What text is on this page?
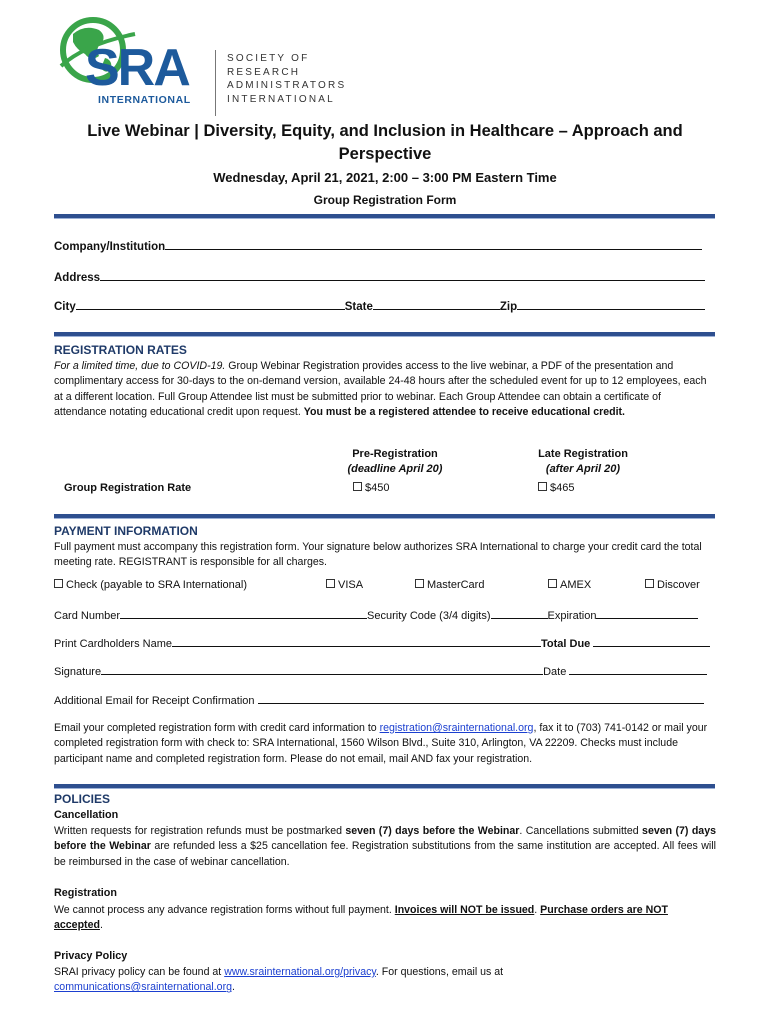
SRA
INTERNATIONAL
SOCIETY OF
RESEARCH
ADMINISTRATORS
INTERNATIONAL
Live Webinar | Diversity, Equity, and Inclusion in Healthcare – Approach and Perspective
Wednesday, April 21, 2021, 2:00 – 3:00 PM Eastern Time
Group Registration Form
Company/Institution
Address
City	State	Zip
REGISTRATION RATES
For a limited time, due to COVID-19. Group Webinar Registration provides access to the live webinar, a PDF of the presentation and complimentary access for 30-days to the on-demand version, available 24-48 hours after the scheduled event for up to 12 employees, each at a different location. Full Group Attendee list must be submitted prior to webinar. Each Group Attendee can obtain a certificate of attendance notating educational credit upon request. You must be a registered attendee to receive educational credit.
Pre-Registration
(deadline April 20)
Late Registration
(after April 20)
Group Registration Rate	$450	$465
PAYMENT INFORMATION
Full payment must accompany this registration form. Your signature below authorizes SRA International to charge your credit card the total meeting rate. REGISTRANT is responsible for all charges.
Check (payable to SRA International)	VISA	MasterCard	AMEX	Discover
Card Number	Security Code (3/4 digits)	Expiration
Print Cardholders Name	Total Due
Signature	Date
Additional Email for Receipt Confirmation
Email your completed registration form with credit card information to registration@srainternational.org, fax it to (703) 741-0142 or mail your completed registration form with check to: SRA International, 1560 Wilson Blvd., Suite 310, Arlington, VA 22209. Checks must include participant name and completed registration form. Please do not email, mail AND fax your registration.
POLICIES
Cancellation
Written requests for registration refunds must be postmarked seven (7) days before the Webinar. Cancellations submitted seven (7) days before the Webinar are refunded less a $25 cancellation fee. Registration substitutions from the same institution are accepted. All fees will be reimbursed in the case of webinar cancellation.
Registration
We cannot process any advance registration forms without full payment. Invoices will NOT be issued. Purchase orders are NOT accepted.
Privacy Policy
SRAI privacy policy can be found at www.srainternational.org/privacy. For questions, email us at
communications@srainternational.org.
